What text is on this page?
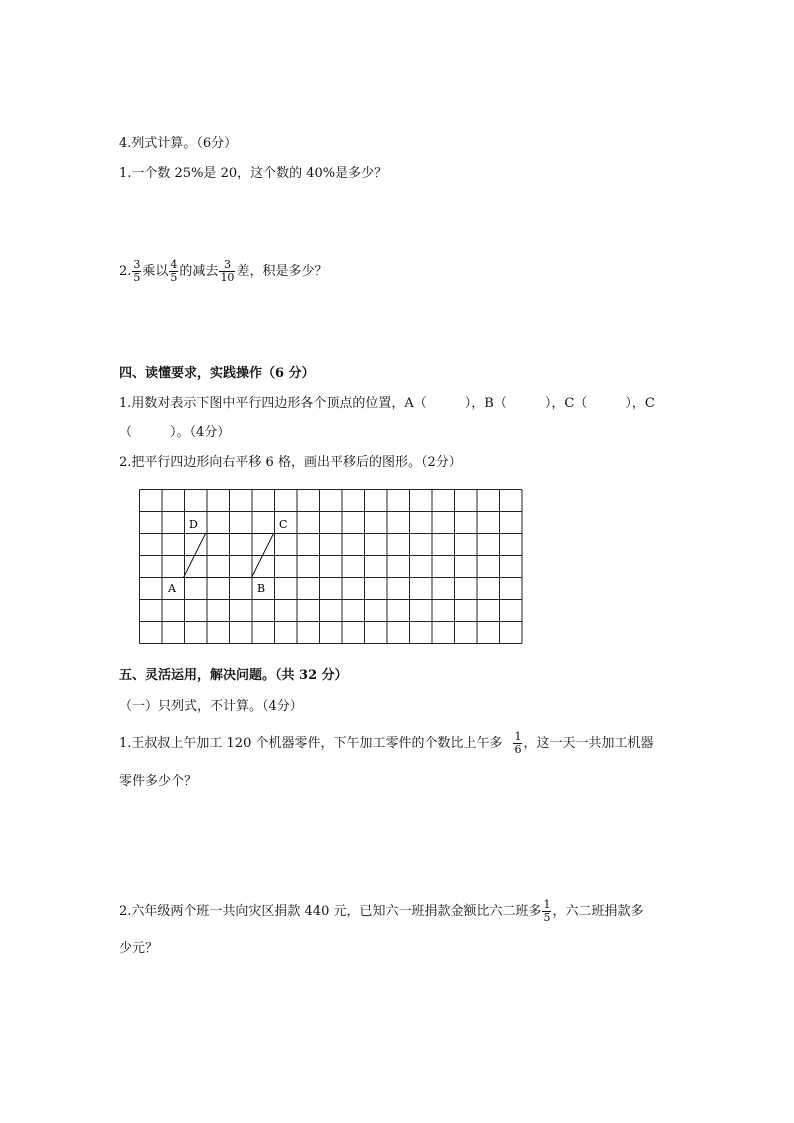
4.列式计算。（6分）
1.一个数 25%是 20，这个数的 40%是多少？
2. $\frac{3}{5}$ 乘以 $\frac{4}{5}$ 的减去 $\frac{3}{10}$ 差，积是多少？
四、读懂要求，实践操作（6 分）
1.用数对表示下图中平行四边形各个顶点的位置，A（	），B（	），C（	），C
（	）。（4分）
2.把平行四边形向右平移 6 格，画出平移后的图形。（2分）
D	C
A	B
五、灵活运用，解决问题。（共 32 分）
（一）只列式，不计算。（4分）
1.王叔叔上午加工 120 个机器零件，下午加工零件的个数比上午多 $\frac{1}{6}$ ，这一天一共加工机器
零件多少个？
2.六年级两个班一共向灾区捐款 440 元，已知六一班捐款金额比六二班多 $\frac{1}{5}$ ，六二班捐款多
少元？
